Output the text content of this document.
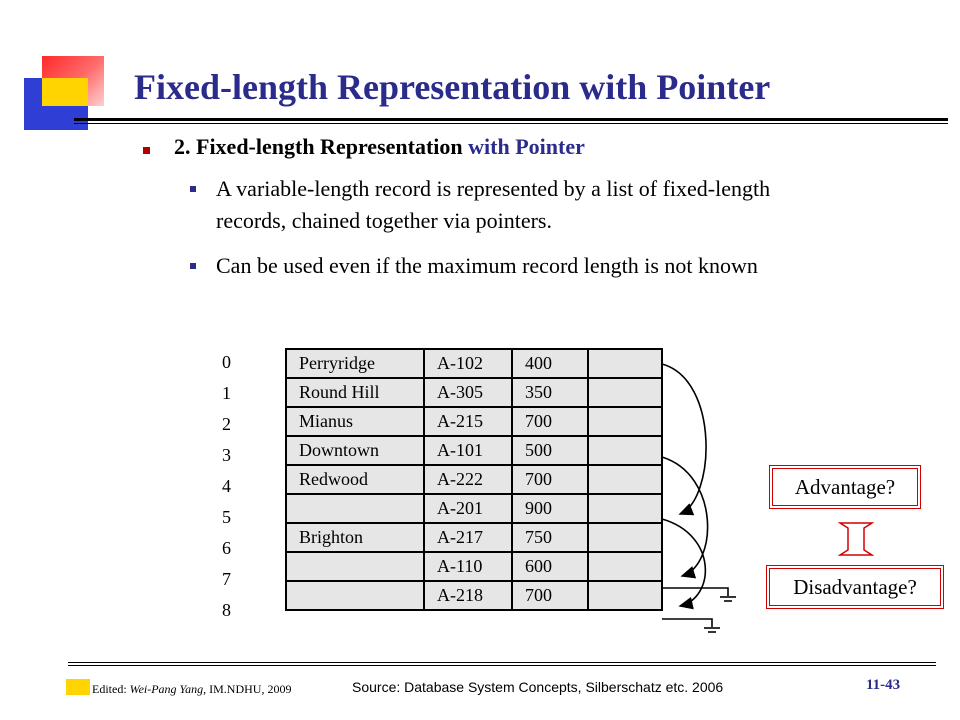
Fixed-length Representation with Pointer
2. Fixed-length Representation with Pointer
A variable-length record is represented by a list of fixed-length
records, chained together via pointers.
Can be used even if the maximum record length is not known
0
1
2
3
4
5
6
7
8
Perryridge	A-102	400	
Round Hill	A-305	350	
Mianus	A-215	700	
Downtown	A-101	500	
Redwood	A-222	700	
	A-201	900	
Brighton	A-217	750	
	A-110	600	
	A-218	700	
Advantage?
Disadvantage?
Edited: Wei-Pang Yang, IM.NDHU, 2009	Source: Database System Concepts, Silberschatz etc. 2006	11-43
